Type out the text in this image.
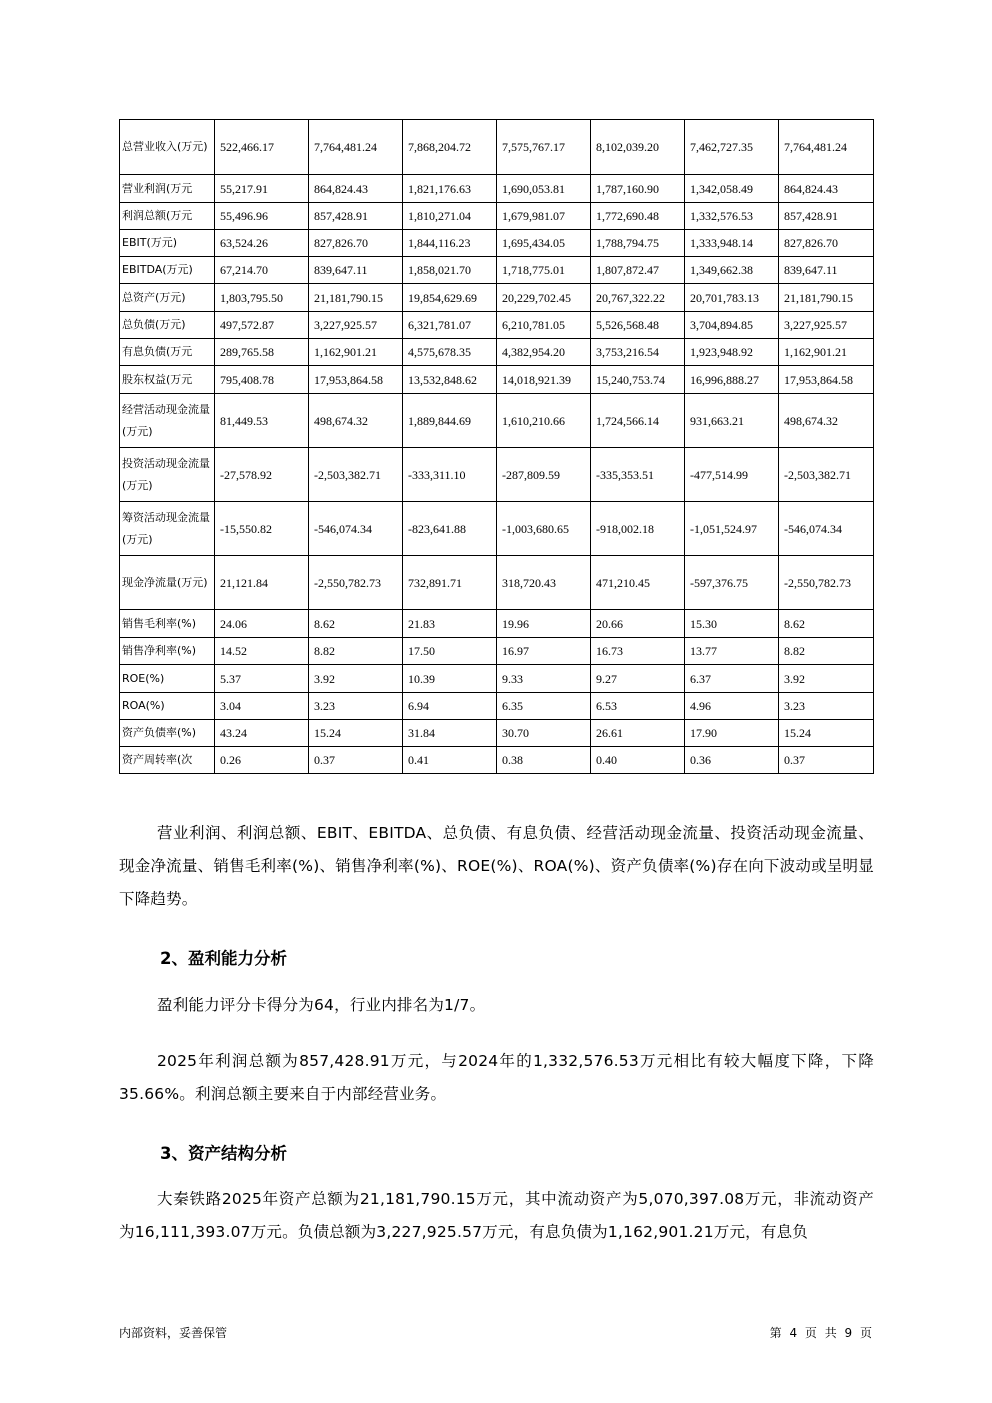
总营业收入(万元)	522,466.17	7,764,481.24	7,868,204.72	7,575,767.17	8,102,039.20	7,462,727.35	7,764,481.24
营业利润(万元	55,217.91	864,824.43	1,821,176.63	1,690,053.81	1,787,160.90	1,342,058.49	864,824.43
利润总额(万元	55,496.96	857,428.91	1,810,271.04	1,679,981.07	1,772,690.48	1,332,576.53	857,428.91
EBIT(万元)	63,524.26	827,826.70	1,844,116.23	1,695,434.05	1,788,794.75	1,333,948.14	827,826.70
EBITDA(万元)	67,214.70	839,647.11	1,858,021.70	1,718,775.01	1,807,872.47	1,349,662.38	839,647.11
总资产(万元)	1,803,795.50	21,181,790.15	19,854,629.69	20,229,702.45	20,767,322.22	20,701,783.13	21,181,790.15
总负债(万元)	497,572.87	3,227,925.57	6,321,781.07	6,210,781.05	5,526,568.48	3,704,894.85	3,227,925.57
有息负债(万元	289,765.58	1,162,901.21	4,575,678.35	4,382,954.20	3,753,216.54	1,923,948.92	1,162,901.21
股东权益(万元	795,408.78	17,953,864.58	13,532,848.62	14,018,921.39	15,240,753.74	16,996,888.27	17,953,864.58
经营活动现金流量(万元)	81,449.53	498,674.32	1,889,844.69	1,610,210.66	1,724,566.14	931,663.21	498,674.32
投资活动现金流量(万元)	-27,578.92	-2,503,382.71	-333,311.10	-287,809.59	-335,353.51	-477,514.99	-2,503,382.71
筹资活动现金流量(万元)	-15,550.82	-546,074.34	-823,641.88	-1,003,680.65	-918,002.18	-1,051,524.97	-546,074.34
现金净流量(万元)	21,121.84	-2,550,782.73	732,891.71	318,720.43	471,210.45	-597,376.75	-2,550,782.73
销售毛利率(%)	24.06	8.62	21.83	19.96	20.66	15.30	8.62
销售净利率(%)	14.52	8.82	17.50	16.97	16.73	13.77	8.82
ROE(%)	5.37	3.92	10.39	9.33	9.27	6.37	3.92
ROA(%)	3.04	3.23	6.94	6.35	6.53	4.96	3.23
资产负债率(%)	43.24	15.24	31.84	30.70	26.61	17.90	15.24
资产周转率(次	0.26	0.37	0.41	0.38	0.40	0.36	0.37

营业利润、利润总额、EBIT、EBITDA、总负债、有息负债、经营活动现金流量、投资活动现金流量、现金净流量、销售毛利率(%)、销售净利率(%)、ROE(%)、ROA(%)、资产负债率(%)存在向下波动或呈明显下降趋势。

2、盈利能力分析

盈利能力评分卡得分为64，行业内排名为1/7。

2025年利润总额为857,428.91万元，与2024年的1,332,576.53万元相比有较大幅度下降，下降35.66%。利润总额主要来自于内部经营业务。

3、资产结构分析

大秦铁路2025年资产总额为21,181,790.15万元，其中流动资产为5,070,397.08万元，非流动资产为16,111,393.07万元。负债总额为3,227,925.57万元，有息负债为1,162,901.21万元，有息负

内部资料，妥善保管	第 4 页 共 9 页
